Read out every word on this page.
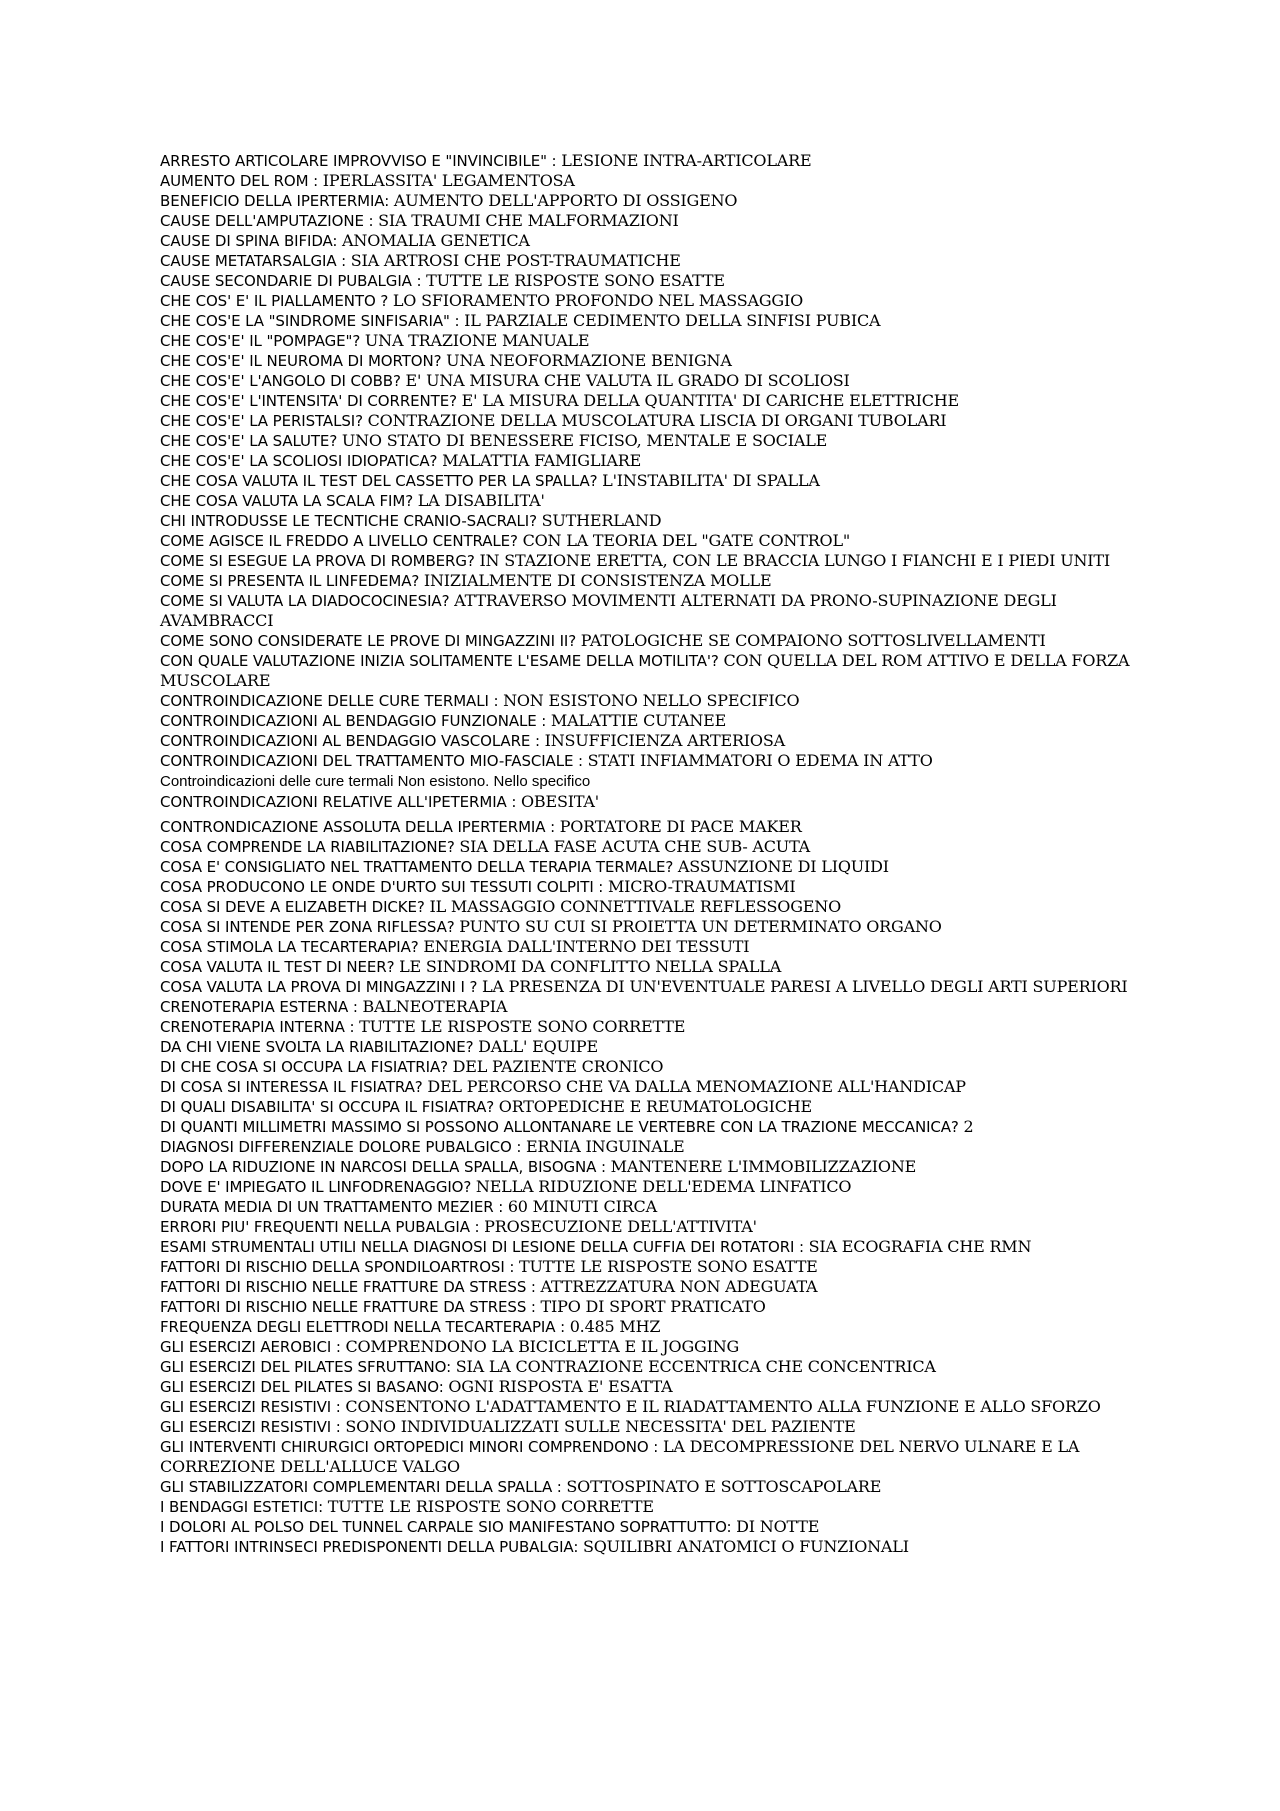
ARRESTO ARTICOLARE IMPROVVISO E "INVINCIBILE" : LESIONE INTRA-ARTICOLARE

AUMENTO DEL ROM : IPERLASSITA' LEGAMENTOSA

BENEFICIO DELLA IPERTERMIA: AUMENTO DELL'APPORTO DI OSSIGENO

CAUSE DELL'AMPUTAZIONE : SIA TRAUMI CHE MALFORMAZIONI

CAUSE DI SPINA BIFIDA: ANOMALIA GENETICA

CAUSE METATARSALGIA : SIA ARTROSI CHE POST-TRAUMATICHE

CAUSE SECONDARIE DI PUBALGIA : TUTTE LE RISPOSTE SONO ESATTE

CHE COS' E' IL PIALLAMENTO ? LO SFIORAMENTO PROFONDO NEL MASSAGGIO

CHE COS'E LA "SINDROME SINFISARIA" : IL PARZIALE CEDIMENTO DELLA SINFISI PUBICA

CHE COS'E' IL "POMPAGE"? UNA TRAZIONE MANUALE

CHE COS'E' IL NEUROMA DI MORTON? UNA NEOFORMAZIONE BENIGNA

CHE COS'E' L'ANGOLO DI COBB? E' UNA MISURA CHE VALUTA IL GRADO DI SCOLIOSI

CHE COS'E' L'INTENSITA' DI CORRENTE? E' LA MISURA DELLA QUANTITA' DI CARICHE ELETTRICHE

CHE COS'E' LA PERISTALSI? CONTRAZIONE DELLA MUSCOLATURA LISCIA DI ORGANI TUBOLARI

CHE COS'E' LA SALUTE? UNO STATO DI BENESSERE FICISO, MENTALE E SOCIALE

CHE COS'E' LA SCOLIOSI IDIOPATICA? MALATTIA FAMIGLIARE

CHE COSA VALUTA IL TEST DEL CASSETTO PER LA SPALLA? L'INSTABILITA' DI SPALLA

CHE COSA VALUTA LA SCALA FIM? LA DISABILITA'

CHI INTRODUSSE LE TECNTICHE CRANIO-SACRALI? SUTHERLAND

COME AGISCE IL FREDDO A LIVELLO CENTRALE? CON LA TEORIA DEL "GATE CONTROL"

COME SI ESEGUE LA PROVA DI ROMBERG? IN STAZIONE ERETTA, CON LE BRACCIA LUNGO I FIANCHI E I PIEDI UNITI

COME SI PRESENTA IL LINFEDEMA? INIZIALMENTE DI CONSISTENZA MOLLE

COME SI VALUTA LA DIADOCOCINESIA? ATTRAVERSO MOVIMENTI ALTERNATI DA PRONO-SUPINAZIONE DEGLI AVAMBRACCI

COME SONO CONSIDERATE LE PROVE DI MINGAZZINI II? PATOLOGICHE SE COMPAIONO SOTTOSLIVELLAMENTI

CON QUALE VALUTAZIONE INIZIA SOLITAMENTE L'ESAME DELLA MOTILITA'? CON QUELLA DEL ROM ATTIVO E DELLA FORZA MUSCOLARE

CONTROINDICAZIONE DELLE CURE TERMALI : NON ESISTONO NELLO SPECIFICO

CONTROINDICAZIONI AL BENDAGGIO FUNZIONALE : MALATTIE CUTANEE

CONTROINDICAZIONI AL BENDAGGIO VASCOLARE : INSUFFICIENZA ARTERIOSA

CONTROINDICAZIONI DEL TRATTAMENTO MIO-FASCIALE : STATI INFIAMMATORI O EDEMA IN ATTO

Controindicazioni delle cure termali Non esistono. Nello specifico

CONTROINDICAZIONI RELATIVE ALL'IPETERMIA : OBESITA'

CONTRONDICAZIONE ASSOLUTA DELLA IPERTERMIA : PORTATORE DI PACE MAKER

COSA COMPRENDE LA RIABILITAZIONE? SIA DELLA FASE ACUTA CHE SUB- ACUTA

COSA E' CONSIGLIATO NEL TRATTAMENTO DELLA TERAPIA TERMALE? ASSUNZIONE DI LIQUIDI

COSA PRODUCONO LE ONDE D'URTO SUI TESSUTI COLPITI : MICRO-TRAUMATISMI

COSA SI DEVE A ELIZABETH DICKE? IL MASSAGGIO CONNETTIVALE REFLESSOGENO

COSA SI INTENDE PER ZONA RIFLESSA? PUNTO SU CUI SI PROIETTA UN DETERMINATO ORGANO

COSA STIMOLA LA TECARTERAPIA? ENERGIA DALL'INTERNO DEI TESSUTI

COSA VALUTA IL TEST DI NEER? LE SINDROMI DA CONFLITTO NELLA SPALLA

COSA VALUTA LA PROVA DI MINGAZZINI I ? LA PRESENZA DI UN'EVENTUALE PARESI A LIVELLO DEGLI ARTI SUPERIORI

CRENOTERAPIA ESTERNA : BALNEOTERAPIA

CRENOTERAPIA INTERNA : TUTTE LE RISPOSTE SONO CORRETTE

DA CHI VIENE SVOLTA LA RIABILITAZIONE? DALL' EQUIPE

DI CHE COSA SI OCCUPA LA FISIATRIA? DEL PAZIENTE CRONICO

DI COSA SI INTERESSA IL FISIATRA? DEL PERCORSO CHE VA DALLA MENOMAZIONE ALL'HANDICAP

DI QUALI DISABILITA' SI OCCUPA IL FISIATRA? ORTOPEDICHE E REUMATOLOGICHE

DI QUANTI MILLIMETRI MASSIMO SI POSSONO ALLONTANARE LE VERTEBRE CON LA TRAZIONE MECCANICA? 2

DIAGNOSI DIFFERENZIALE DOLORE PUBALGICO : ERNIA INGUINALE

DOPO LA RIDUZIONE IN NARCOSI DELLA SPALLA, BISOGNA : MANTENERE L'IMMOBILIZZAZIONE

DOVE E' IMPIEGATO IL LINFODRENAGGIO? NELLA RIDUZIONE DELL'EDEMA LINFATICO

DURATA MEDIA DI UN TRATTAMENTO MEZIER : 60 MINUTI CIRCA

ERRORI PIU' FREQUENTI NELLA PUBALGIA : PROSECUZIONE DELL'ATTIVITA'

ESAMI STRUMENTALI UTILI NELLA DIAGNOSI DI LESIONE DELLA CUFFIA DEI ROTATORI : SIA ECOGRAFIA CHE RMN

FATTORI DI RISCHIO DELLA SPONDILOARTROSI : TUTTE LE RISPOSTE SONO ESATTE

FATTORI DI RISCHIO NELLE FRATTURE DA STRESS : ATTREZZATURA NON ADEGUATA

FATTORI DI RISCHIO NELLE FRATTURE DA STRESS : TIPO DI SPORT PRATICATO

FREQUENZA DEGLI ELETTRODI NELLA TECARTERAPIA : 0.485 MHZ

GLI ESERCIZI AEROBICI : COMPRENDONO LA BICICLETTA E IL JOGGING

GLI ESERCIZI DEL PILATES SFRUTTANO: SIA LA CONTRAZIONE ECCENTRICA CHE CONCENTRICA

GLI ESERCIZI DEL PILATES SI BASANO: OGNI RISPOSTA E' ESATTA

GLI ESERCIZI RESISTIVI : CONSENTONO L'ADATTAMENTO E IL RIADATTAMENTO ALLA FUNZIONE E ALLO SFORZO

GLI ESERCIZI RESISTIVI : SONO INDIVIDUALIZZATI SULLE NECESSITA' DEL PAZIENTE

GLI INTERVENTI CHIRURGICI ORTOPEDICI MINORI COMPRENDONO : LA DECOMPRESSIONE DEL NERVO ULNARE E LA CORREZIONE DELL'ALLUCE VALGO

GLI STABILIZZATORI COMPLEMENTARI DELLA SPALLA : SOTTOSPINATO E SOTTOSCAPOLARE

I BENDAGGI ESTETICI: TUTTE LE RISPOSTE SONO CORRETTE

I DOLORI AL POLSO DEL TUNNEL CARPALE SIO MANIFESTANO SOPRATTUTTO: DI NOTTE

I FATTORI INTRINSECI PREDISPONENTI DELLA PUBALGIA: SQUILIBRI ANATOMICI O FUNZIONALI
